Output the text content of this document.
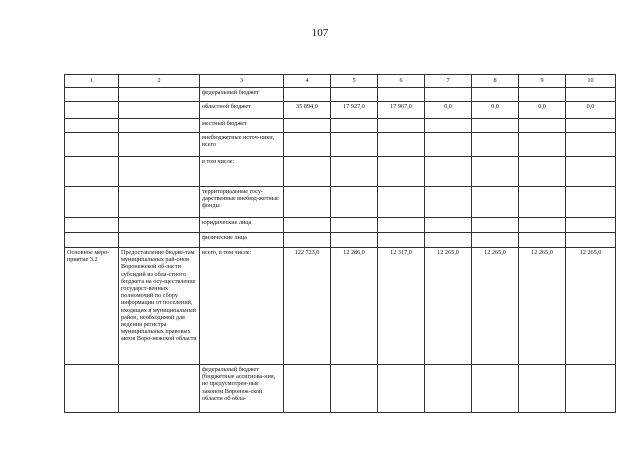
107
1	2	3	4	5	6	7	8	9	10
		федеральный бюджет							
		областной бюджет	35 894,0	17 927,0	17 967,0	0,0	0,0	0,0	0,0
		местный бюджет							
		внебюджетные источ-ники, всего							
		в том числе:							
		территориальные госу-дарственные внебюд-жетные фонды							
		юридические лица							
		физические лица							
Основное меро-приятие 3.2	Предоставление бюдже-там муниципальных рай-онов Воронежской об-ласти субсидий из обла-стного бюджета на осу-ществление государст-венных полномочий по сбору информации от поселений, входящих в муниципальный район, необходимой для ведения регистра муниципальных правовых актов Воро-нежской области	всего, в том числе:	122 723,0	12 286,0	12 317,0	12 265,0	12 265,0	12 265,0	12 265,0
		федеральный бюджет (бюджетные ассигнова-ния, не предусмотрен-ные законом Воронеж-ской области об обла-							
